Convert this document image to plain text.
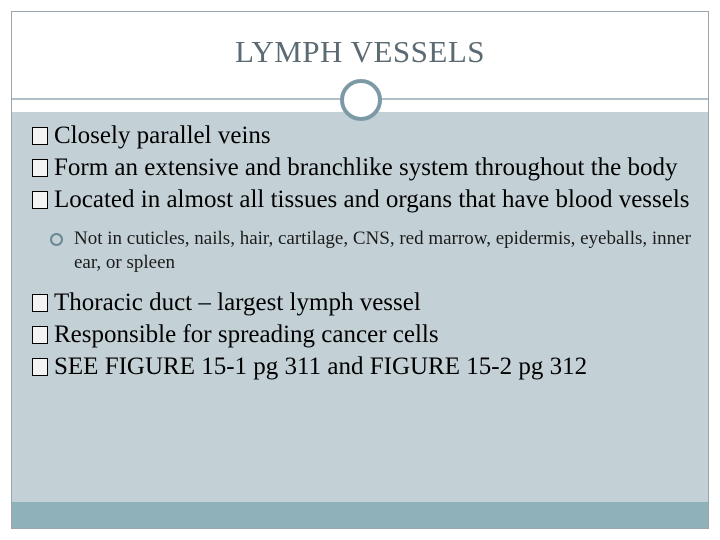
LYMPH VESSELS
Closely parallel veins
Form an extensive and branchlike system throughout the body
Located in almost all tissues and organs that have blood vessels
Not in cuticles, nails, hair, cartilage, CNS, red marrow, epidermis, eyeballs, inner ear, or spleen
Thoracic duct – largest lymph vessel
Responsible for spreading cancer cells
SEE FIGURE 15-1 pg 311 and FIGURE 15-2 pg 312
